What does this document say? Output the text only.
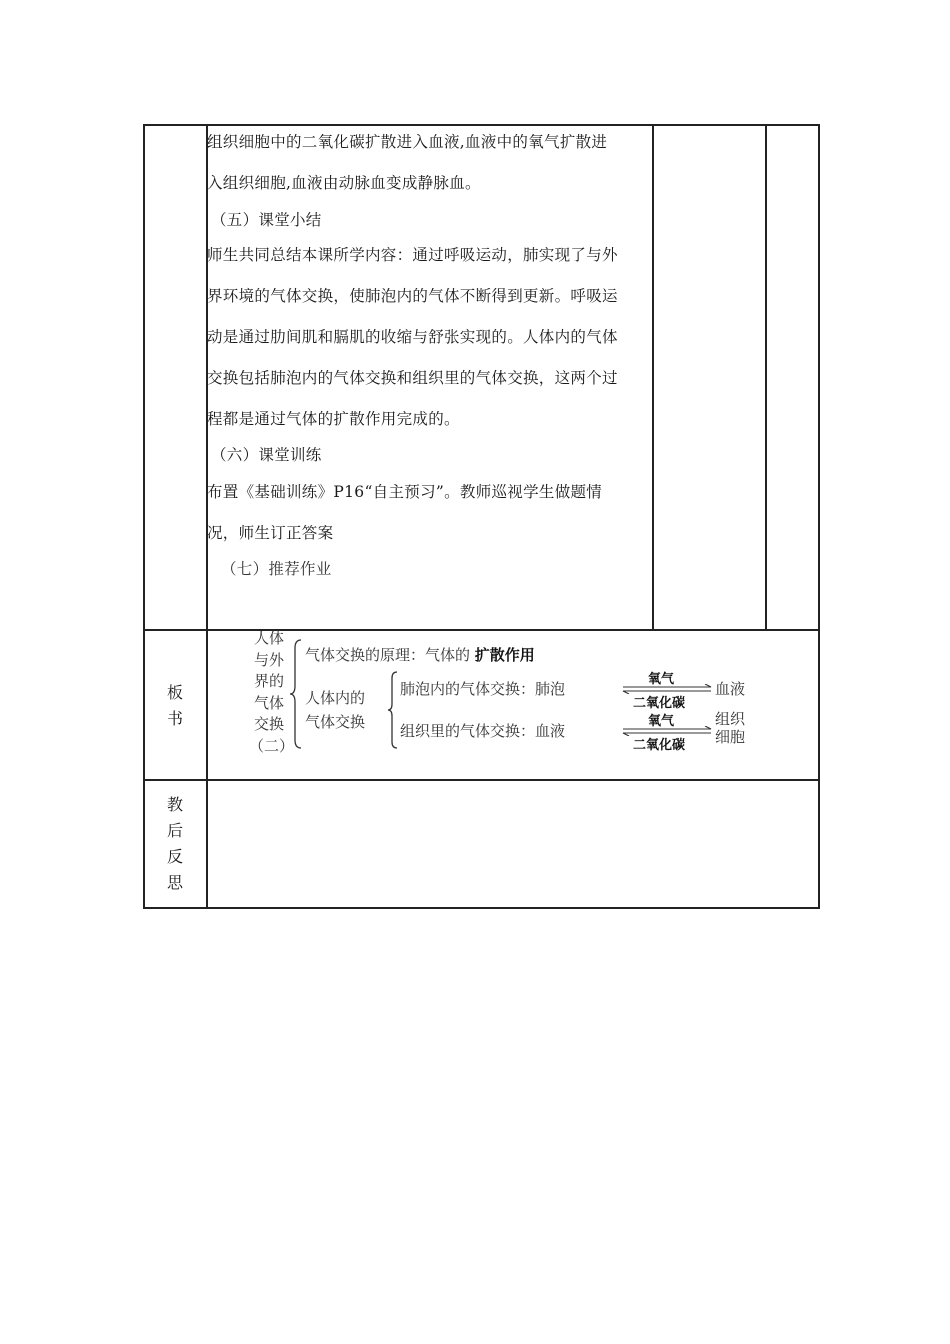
组织细胞中的二氧化碳扩散进入血液,血液中的氧气扩散进
入组织细胞,血液由动脉血变成静脉血。
（五）课堂小结
师生共同总结本课所学内容：通过呼吸运动，肺实现了与外
界环境的气体交换，使肺泡内的气体不断得到更新。呼吸运
动是通过肋间肌和膈肌的收缩与舒张实现的。人体内的气体
交换包括肺泡内的气体交换和组织里的气体交换，这两个过
程都是通过气体的扩散作用完成的。
（六）课堂训练
布置《基础训练》P16“自主预习”。教师巡视学生做题情
况，师生订正答案
（七）推荐作业
板
书
人体
与外
界的
气体
交换
（二）
气体交换的原理：气体的 扩散作用
人体内的
气体交换
肺泡内的气体交换：肺泡
氧气
二氧化碳
血液
组织里的气体交换：血液
氧气
二氧化碳
组织
细胞
教
后
反
思
